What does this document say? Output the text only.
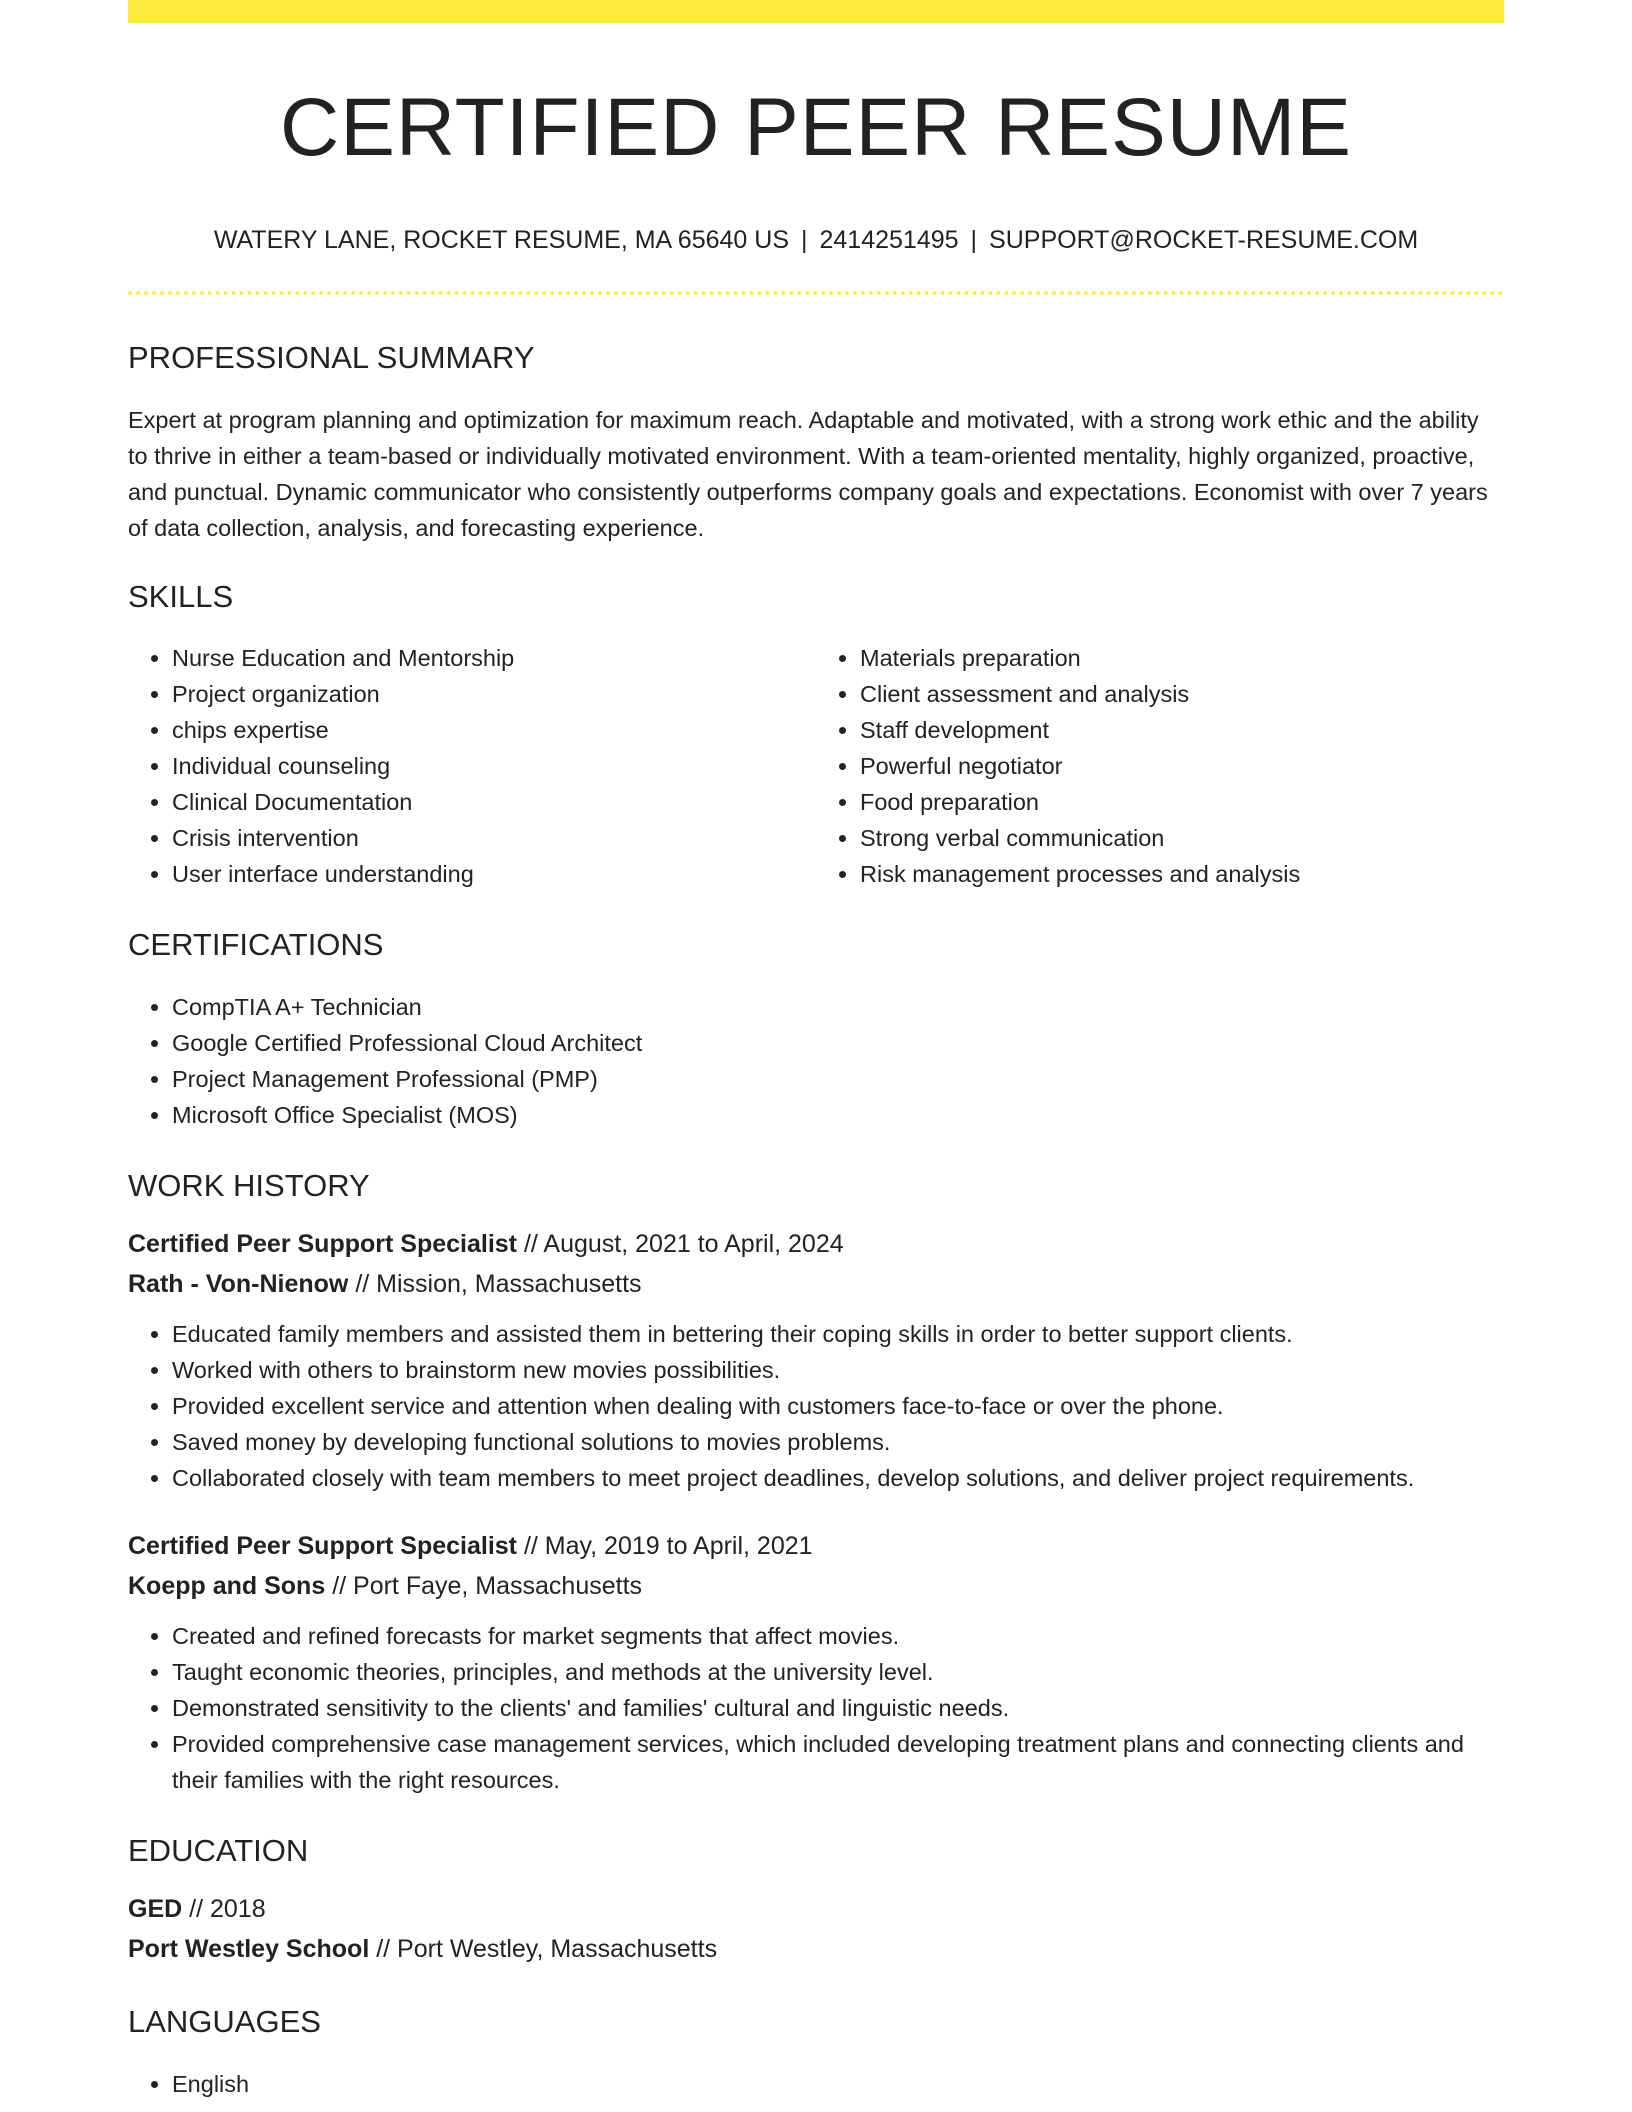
CERTIFIED PEER RESUME
WATERY LANE, ROCKET RESUME, MA 65640 US | 2414251495 | SUPPORT@ROCKET-RESUME.COM
PROFESSIONAL SUMMARY

Expert at program planning and optimization for maximum reach. Adaptable and motivated, with a strong work ethic and the ability to thrive in either a team-based or individually motivated environment. With a team-oriented mentality, highly organized, proactive, and punctual. Dynamic communicator who consistently outperforms company goals and expectations. Economist with over 7 years of data collection, analysis, and forecasting experience.

SKILLS
• Nurse Education and Mentorship
• Project organization
• chips expertise
• Individual counseling
• Clinical Documentation
• Crisis intervention
• User interface understanding
• Materials preparation
• Client assessment and analysis
• Staff development
• Powerful negotiator
• Food preparation
• Strong verbal communication
• Risk management processes and analysis
CERTIFICATIONS
• CompTIA A+ Technician
• Google Certified Professional Cloud Architect
• Project Management Professional (PMP)
• Microsoft Office Specialist (MOS)
WORK HISTORY
Certified Peer Support Specialist // August, 2021 to April, 2024
Rath - Von-Nienow // Mission, Massachusetts
• Educated family members and assisted them in bettering their coping skills in order to better support clients.
• Worked with others to brainstorm new movies possibilities.
• Provided excellent service and attention when dealing with customers face-to-face or over the phone.
• Saved money by developing functional solutions to movies problems.
• Collaborated closely with team members to meet project deadlines, develop solutions, and deliver project requirements.
Certified Peer Support Specialist // May, 2019 to April, 2021
Koepp and Sons // Port Faye, Massachusetts
• Created and refined forecasts for market segments that affect movies.
• Taught economic theories, principles, and methods at the university level.
• Demonstrated sensitivity to the clients' and families' cultural and linguistic needs.
• Provided comprehensive case management services, which included developing treatment plans and connecting clients and their families with the right resources.
EDUCATION
GED // 2018
Port Westley School // Port Westley, Massachusetts
LANGUAGES
• English
